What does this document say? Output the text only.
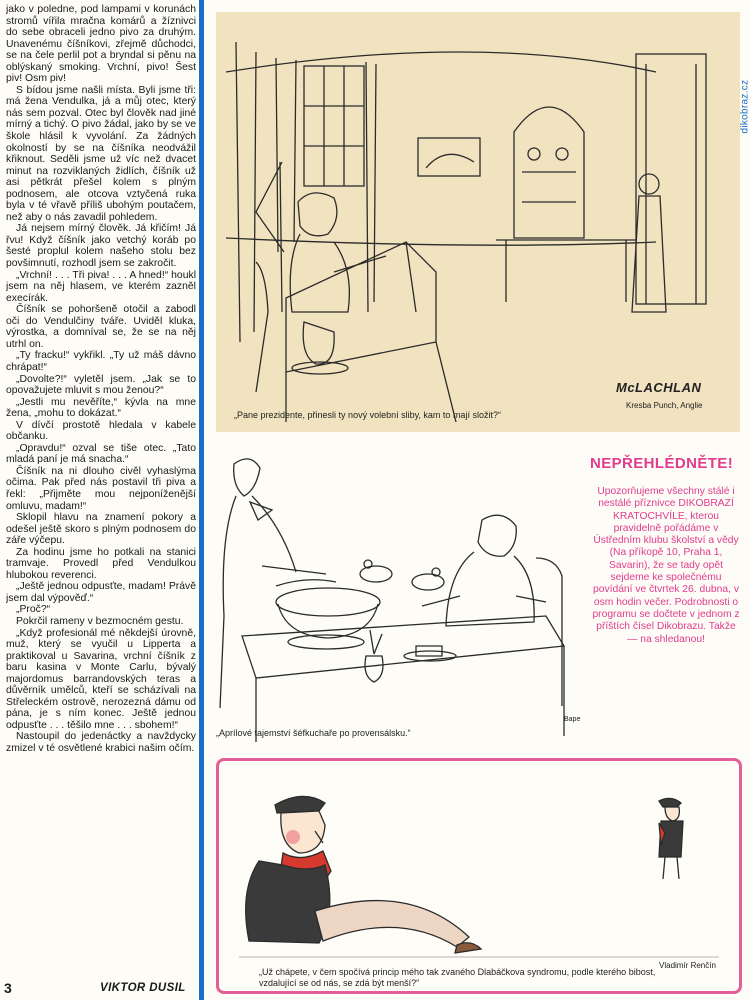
jako v poledne, pod lampami v korunách stromů vířila mračna komárů a žíznivci do sebe obraceli jedno pivo za druhým. Unavenému číšníkovi, zřejmě důchodci, se na čele perlil pot a bryndal si pěnu na oblýskaný smoking. Vrchní, pivo! Šest piv! Osm piv!

S bídou jsme našli místa. Byli jsme tři: má žena Vendulka, já a můj otec, který nás sem pozval. Otec byl člověk nad jiné mírný a tichý. O pivo žádal, jako by se ve škole hlásil k vyvolání. Za žádných okolností by se na číšníka neodvážil křiknout. Seděli jsme už víc než dvacet minut na rozviklaných židlích, číšník už asi pětkrát přešel kolem s plným podnosem, ale otcova vztyčená ruka byla v té vřavě příliš ubohým poutačem, než aby o nás zavadil pohledem.

Já nejsem mírný člověk. Já křičím! Já řvu! Když číšník jako vetchý koráb po šesté proplul kolem našeho stolu bez povšimnutí, rozhodl jsem se zakročit.

„Vrchní! . . . Tři piva! . . . A hned!“ houkl jsem na něj hlasem, ve kterém zazněl execírák.

Číšník se pohoršeně otočil a zabodl oči do Vendulčiny tváře. Uviděl kluka, výrostka, a domníval se, že se na něj utrhl on.

„Ty fracku!“ vykřikl. „Ty už máš dávno chrápat!“

„Dovolte?!“ vyletěl jsem. „Jak se to opovažujete mluvit s mou ženou?“

„Jestli mu nevěříte,“ kývla na mne žena, „mohu to dokázat.“

V dívčí prostotě hledala v kabele občanku.

„Opravdu!“ ozval se tiše otec. „Tato mladá paní je má snacha.“

Číšník na ni dlouho civěl vyhaslýma očima. Pak před nás postavil tři piva a řekl: „Přijměte mou nejponíženější omluvu, madam!“

Sklopil hlavu na znamení pokory a odešel ještě skoro s plným podnosem do záře výčepu.

Za hodinu jsme ho potkali na stanici tramvaje. Provedl před Vendulkou hlubokou reverenci.

„Ještě jednou odpusťte, madam! Právě jsem dal výpověď.“

„Proč?“

Pokrčil rameny v bezmocném gestu.

„Když profesionál mé někdejší úrovně, muž, který se vyučil u Lipperta a praktikoval u Savarina, vrchní číšník z baru kasina v Monte Carlu, bývalý majordomus barrandovských teras a důvěrník umělců, kteří se scházívali na Střeleckém ostrově, nerozezná dámu od pána, je s ním konec. Ještě jednou odpusťte . . . těšilo mne . . . sbohem!“

Nastoupil do jedenáctky a navždycky zmizel v té osvětlené krabici našim očím.

3	VIKTOR DUSIL
dikobraz.cz
McLACHLAN
Kresba Punch, Anglie
„Pane prezidente, přinesli ty nový volební sliby, kam to mají složit?“
Bape
„Aprílové tajemství šéfkuchaře po provensálsku.“
NEPŘEHLÉDNĚTE!
Upozorňujeme všechny stálé i nestálé příznivce DIKOBRAZÍ KRATOCHVÍLE, kterou pravidelně pořádáme v Ústředním klubu školství a vědy (Na příkopě 10, Praha 1, Savarin), že se tady opět sejdeme ke společnému povídání ve čtvrtek 26. dubna, v osm hodin večer. Podrobnosti o programu se dočtete v jednom z příštích čísel Dikobrazu. Takže — na shledanou!
Vladimír Renčín
„Už chápete, v čem spočívá princip mého tak zvaného Dlabáčkova syndromu, podle kterého bibost, vzdalující se od nás, se zdá být menší?“
